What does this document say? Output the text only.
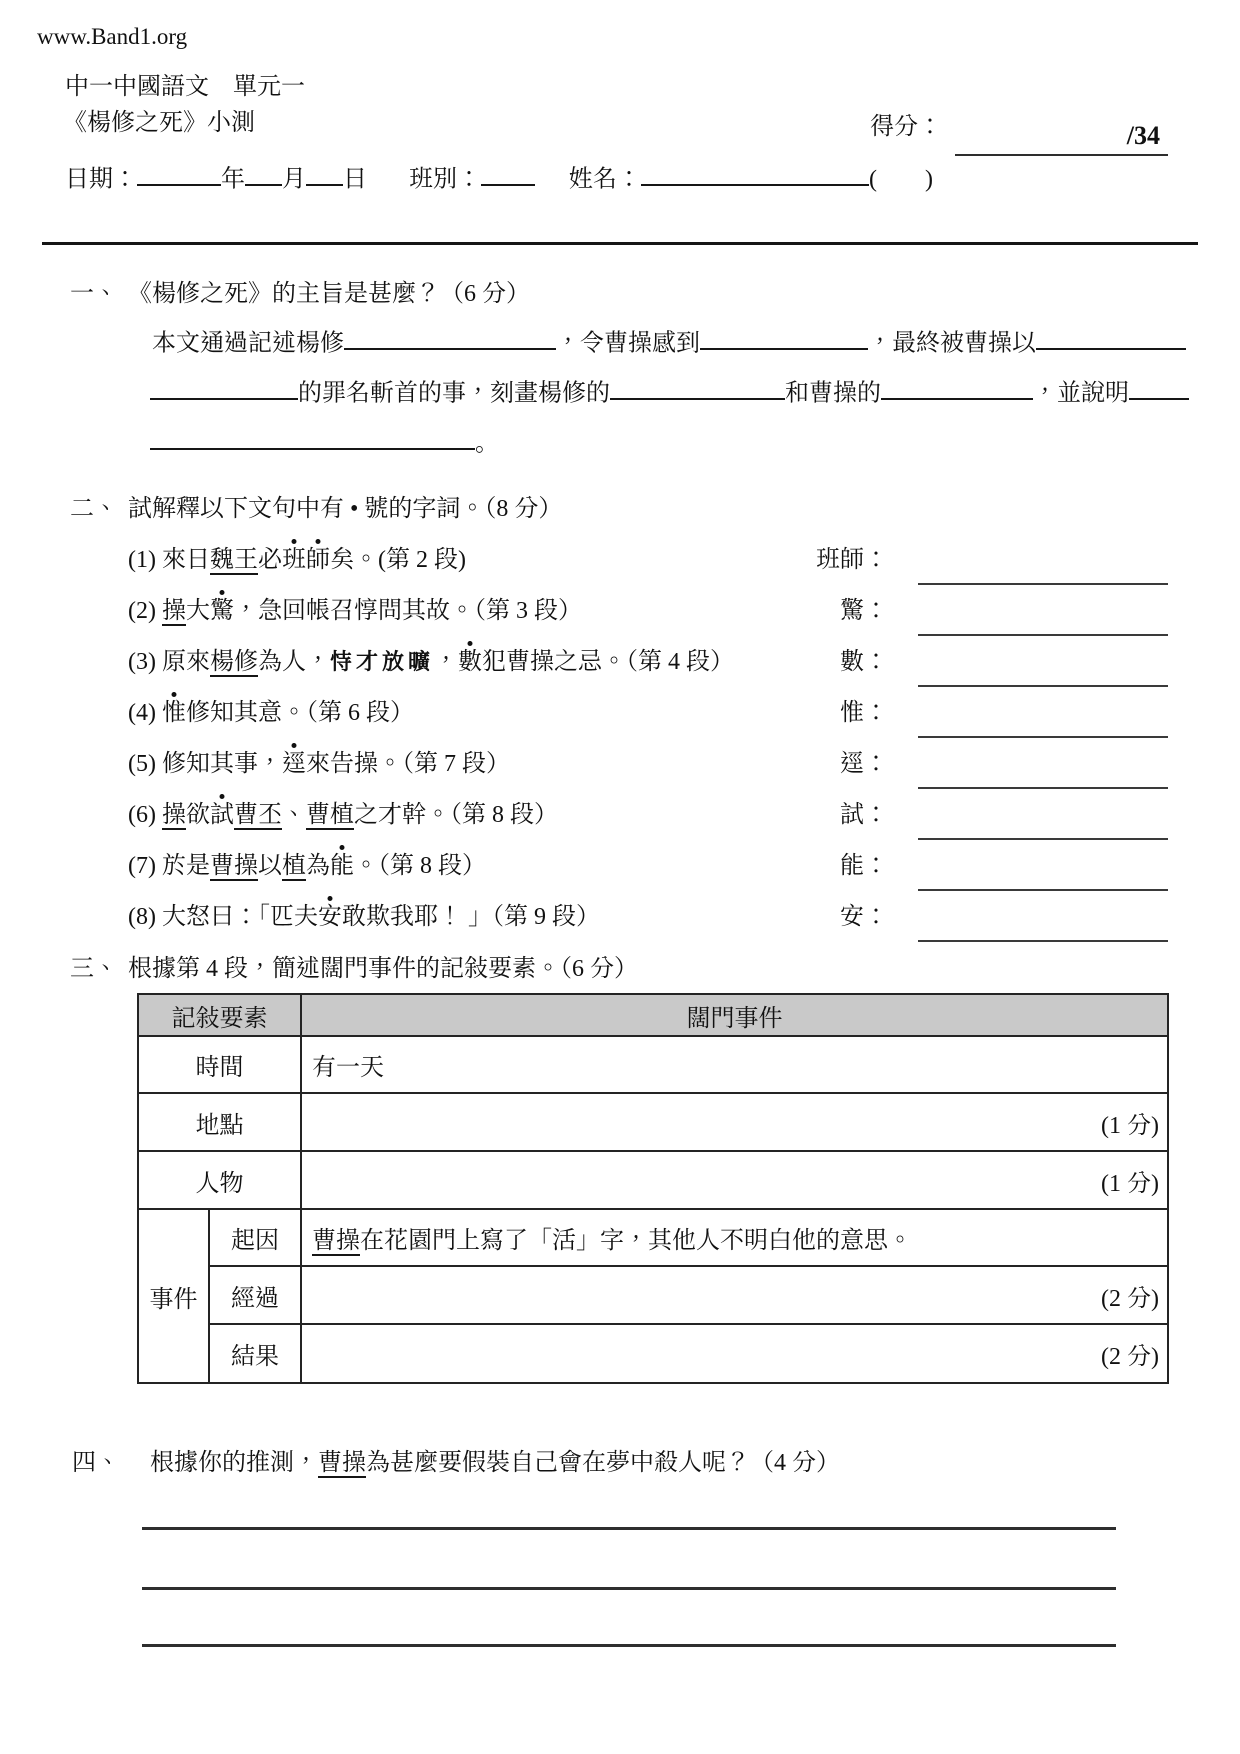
www.Band1.org
中一中國語文　單元一
《楊修之死》小測	得分：	/34
日期：	年 月 日 班別：	姓名：	(　　)
一、 《楊修之死》的主旨是甚麼？（6 分）
本文通過記述楊修	，令曹操感到	，最終被曹操以
的罪名斬首的事，刻畫楊修的	和曹操的	，並說明
。
二、 試解釋以下文句中有 • 號的字詞。（8 分）
(1) 來日魏王必班師矣。(第 2 段)	班師：
(2) 操大驚，急回帳召惇問其故。（第 3 段）	驚：
(3) 原來楊修為人，恃才放曠，數犯曹操之忌。（第 4 段）	數：
(4) 惟修知其意。（第 6 段）	惟：
(5) 修知其事，逕來告操。（第 7 段）	逕：
(6) 操欲試曹丕、曹植之才幹。（第 8 段）	試：
(7) 於是曹操以植為能。（第 8 段）	能：
(8) 大怒曰：「匹夫安敢欺我耶！ 」（第 9 段）	安：
三、 根據第 4 段，簡述闊門事件的記敍要素。（6 分）
記敍要素		闊門事件
時間		有一天

地點		(1 分)

人物		(1 分)

事件	起因	曹操在花園門上寫了「活」字，其他人不明白他的意思。

	經過	(2 分)

	結果	(2 分)
四、 根據你的推測，曹操為甚麼要假裝自己會在夢中殺人呢？（4 分）
